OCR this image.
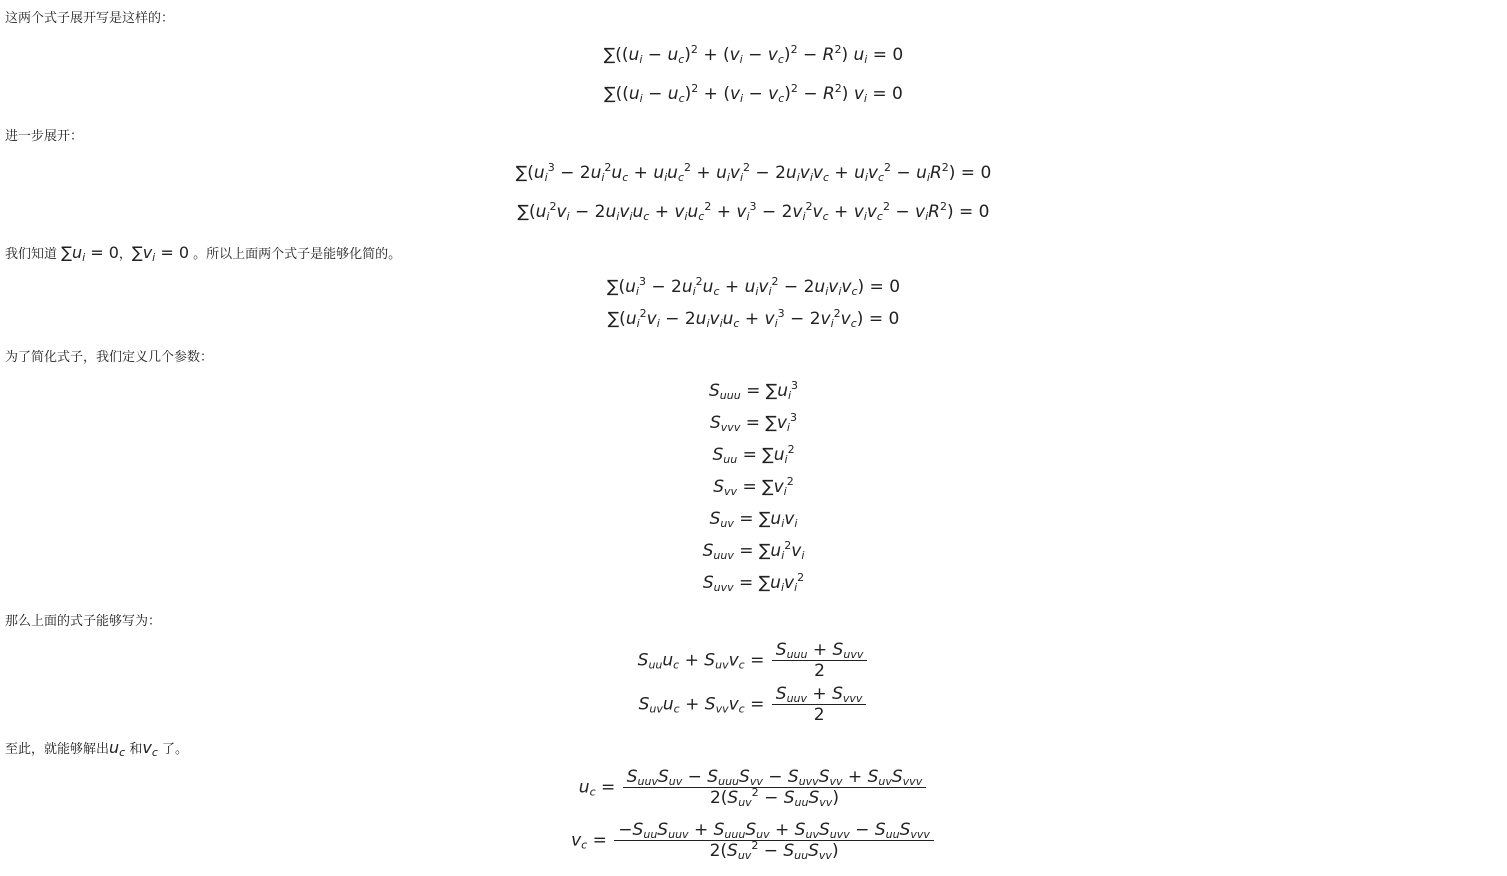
这两个式子展开写是这样的：
$\sum((u_i - u_c)^2 + (v_i - v_c)^2 - R^2) u_i = 0$
$\sum((u_i - u_c)^2 + (v_i - v_c)^2 - R^2) v_i = 0$
进一步展开：
$\sum(u_i^3 - 2u_i^2u_c + u_iu_c^2 + u_iv_i^2 - 2u_iv_iv_c + u_iv_c^2 - u_iR^2) = 0$
$\sum(u_i^2v_i - 2u_iv_iu_c + v_iu_c^2 + v_i^3 - 2v_i^2v_c + v_iv_c^2 - v_iR^2) = 0$
我们知道 $\sum u_i = 0$，$\sum v_i = 0$ 。所以上面两个式子是能够化简的。
$\sum(u_i^3 - 2u_i^2u_c + u_iv_i^2 - 2u_iv_iv_c) = 0$
$\sum(u_i^2v_i - 2u_iv_iu_c + v_i^3 - 2v_i^2v_c) = 0$
为了简化式子，我们定义几个参数：
$S_{uuu} = \sum u_i^3$
$S_{vvv} = \sum v_i^3$
$S_{uu} = \sum u_i^2$
$S_{vv} = \sum v_i^2$
$S_{uv} = \sum u_iv_i$
$S_{uuv} = \sum u_i^2v_i$
$S_{uvv} = \sum u_iv_i^2$
那么上面的式子能够写为：
$S_{uu}u_c + S_{uv}v_c = \frac{S_{uuu} + S_{uvv}}{2}$
$S_{uv}u_c + S_{vv}v_c = \frac{S_{uuv} + S_{vvv}}{2}$
至此，就能够解出$u_c$ 和$v_c$ 了。
$u_c = \frac{S_{uuv}S_{uv} - S_{uuu}S_{vv} - S_{uvv}S_{vv} + S_{uv}S_{vvv}}{2(S_{uv}^2 - S_{uu}S_{vv})}$
$v_c = \frac{-S_{uu}S_{uuv} + S_{uuu}S_{uv} + S_{uv}S_{uvv} - S_{uu}S_{vvv}}{2(S_{uv}^2 - S_{uu}S_{vv})}$
